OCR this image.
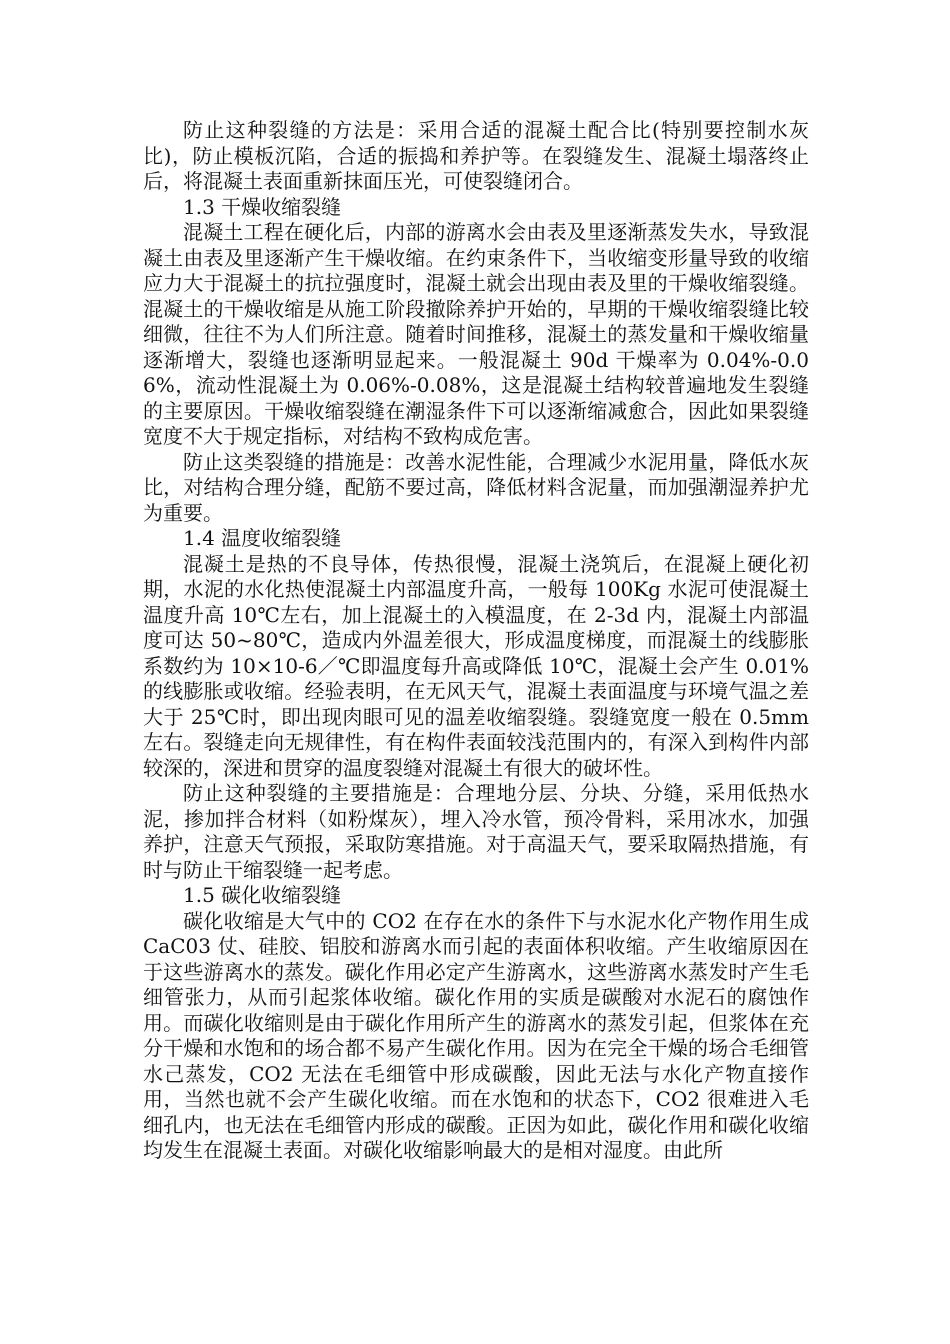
防止这种裂缝的方法是：采用合适的混凝土配合比(特别要控制水灰比)，防止模板沉陷，合适的振捣和养护等。在裂缝发生、混凝土塌落终止后，将混凝土表面重新抹面压光，可使裂缝闭合。

1.3 干燥收缩裂缝

混凝土工程在硬化后，内部的游离水会由表及里逐渐蒸发失水，导致混凝土由表及里逐渐产生干燥收缩。在约束条件下，当收缩变形量导致的收缩应力大于混凝土的抗拉强度时，混凝土就会出现由表及里的干燥收缩裂缝。混凝土的干燥收缩是从施工阶段撤除养护开始的，早期的干燥收缩裂缝比较细微，往往不为人们所注意。随着时间推移，混凝土的蒸发量和干燥收缩量逐渐增大，裂缝也逐渐明显起来。一般混凝土 90d 干燥率为 0.04%-0.06%，流动性混凝土为 0.06%-0.08%，这是混凝土结构较普遍地发生裂缝的主要原因。干燥收缩裂缝在潮湿条件下可以逐渐缩减愈合，因此如果裂缝宽度不大于规定指标，对结构不致构成危害。

防止这类裂缝的措施是：改善水泥性能，合理减少水泥用量，降低水灰比，对结构合理分缝，配筋不要过高，降低材料含泥量，而加强潮湿养护尤为重要。

1.4 温度收缩裂缝

混凝土是热的不良导体，传热很慢，混凝土浇筑后，在混凝上硬化初期，水泥的水化热使混凝土内部温度升高，一般每 100Kg 水泥可使混凝土温度升高 10℃左右，加上混凝土的入模温度，在 2-3d 内，混凝土内部温度可达 50~80℃，造成内外温差很大，形成温度梯度，而混凝土的线膨胀系数约为 10×10-6／℃即温度每升高或降低 10℃，混凝土会产生 0.01%的线膨胀或收缩。经验表明，在无风天气，混凝土表面温度与环境气温之差大于 25℃时，即出现肉眼可见的温差收缩裂缝。裂缝宽度一般在 0.5mm 左右。裂缝走向无规律性，有在构件表面较浅范围内的，有深入到构件内部较深的，深进和贯穿的温度裂缝对混凝土有很大的破坏性。

防止这种裂缝的主要措施是：合理地分层、分块、分缝，采用低热水泥，掺加拌合材料（如粉煤灰），埋入冷水管，预冷骨料，采用冰水，加强养护，注意天气预报，采取防寒措施。对于高温天气，要采取隔热措施，有时与防止干缩裂缝一起考虑。

1.5 碳化收缩裂缝

碳化收缩是大气中的 CO2 在存在水的条件下与水泥水化产物作用生成 CaC03 仗、硅胶、铝胶和游离水而引起的表面体积收缩。产生收缩原因在于这些游离水的蒸发。碳化作用必定产生游离水，这些游离水蒸发时产生毛细管张力，从而引起浆体收缩。碳化作用的实质是碳酸对水泥石的腐蚀作用。而碳化收缩则是由于碳化作用所产生的游离水的蒸发引起，但浆体在充分干燥和水饱和的场合都不易产生碳化作用。因为在完全干燥的场合毛细管水己蒸发，CO2 无法在毛细管中形成碳酸，因此无法与水化产物直接作用，当然也就不会产生碳化收缩。而在水饱和的状态下，CO2 很难进入毛细孔内，也无法在毛细管内形成的碳酸。正因为如此，碳化作用和碳化收缩均发生在混凝土表面。对碳化收缩影响最大的是相对湿度。由此所
